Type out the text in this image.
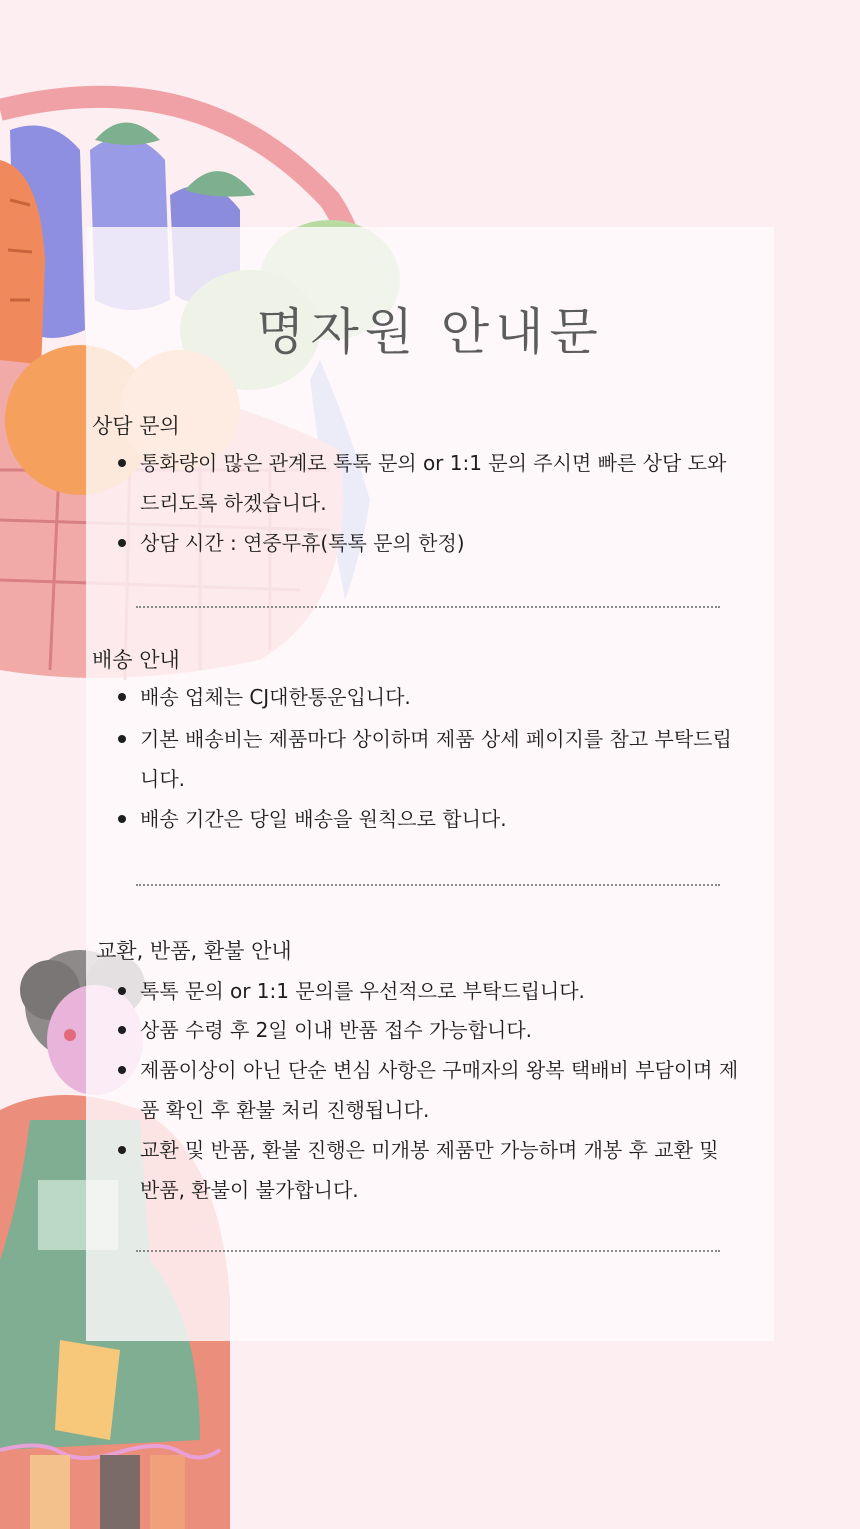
명자원 안내문
상담 문의
통화량이 많은 관계로 톡톡 문의 or 1:1 문의 주시면 빠른 상담 도와드리도록 하겠습니다.
상담 시간 : 연중무휴(톡톡 문의 한정)
배송 안내
배송 업체는 CJ대한통운입니다.
기본 배송비는 제품마다 상이하며 제품 상세 페이지를 참고 부탁드립니다.
배송 기간은 당일 배송을 원칙으로 합니다.
교환, 반품, 환불 안내
톡톡 문의 or 1:1 문의를 우선적으로 부탁드립니다.
상품 수령 후 2일 이내 반품 접수 가능합니다.
제품이상이 아닌 단순 변심 사항은 구매자의 왕복 택배비 부담이며 제품 확인 후 환불 처리 진행됩니다.
교환 및 반품, 환불 진행은 미개봉 제품만 가능하며 개봉 후 교환 및 반품, 환불이 불가합니다.
